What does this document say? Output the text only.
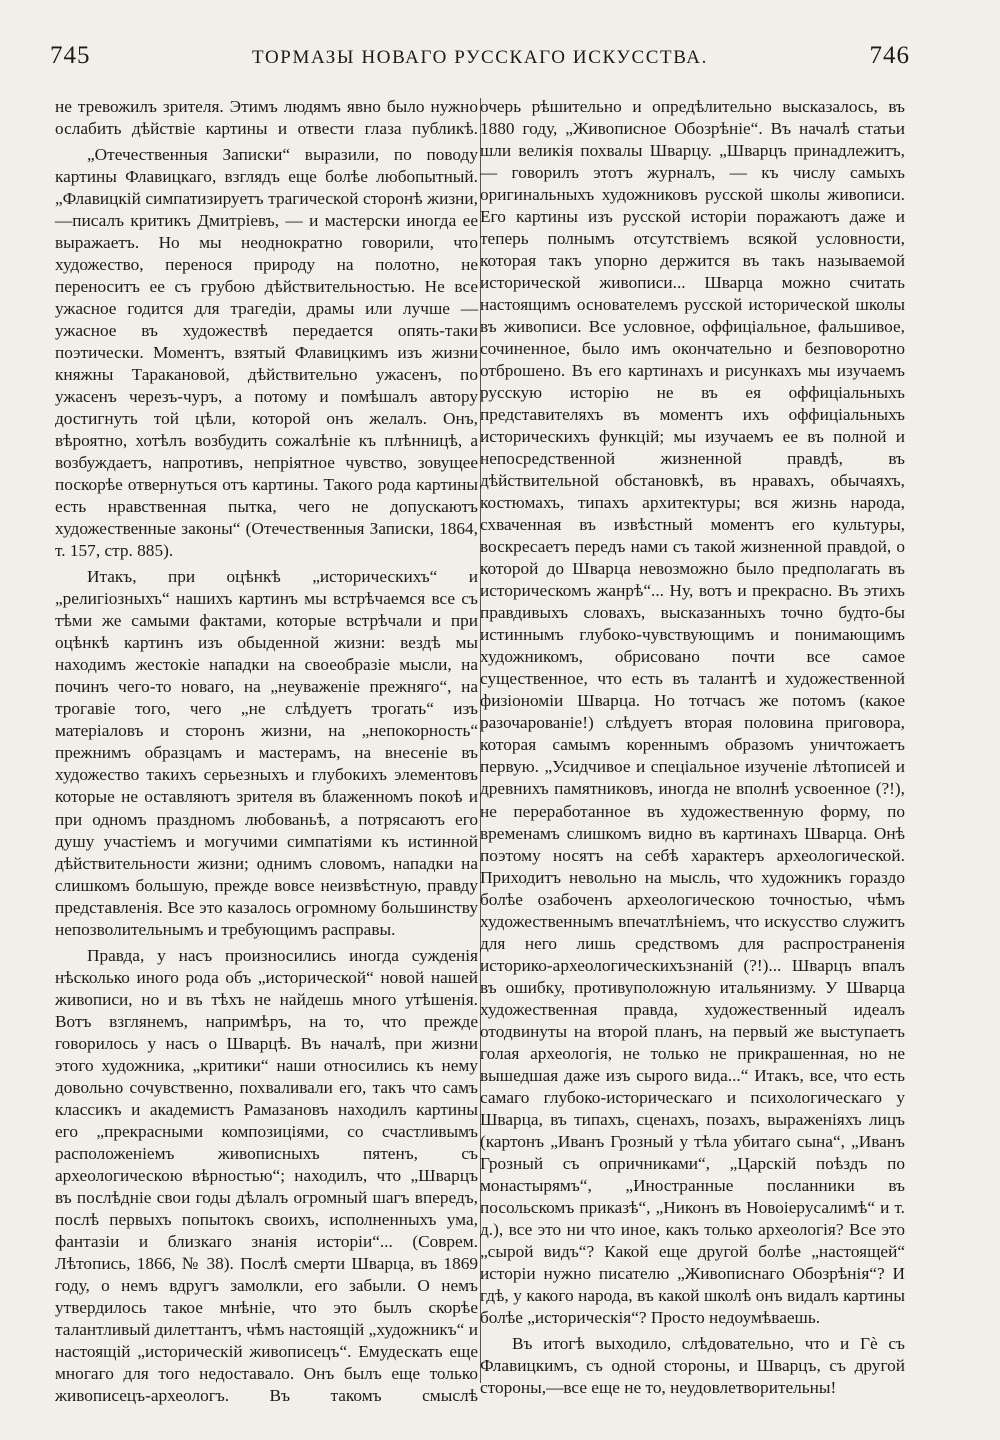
745	ТОРМАЗЫ НОВАГО РУССКАГО ИСКУССТВА.	746

не тревожилъ зрителя. Этимъ людямъ явно было нужно ослабить дѣйствіе картины и отвести глаза публикѣ.

„Отечественныя Записки“ выразили, по поводу картины Флавицкаго, взглядъ еще болѣе любопытный. „Флавицкій симпатизируетъ трагической сторонѣ жизни,—писалъ критикъ Дмитріевъ, — и мастерски иногда ее выражаетъ. Но мы неоднократно говорили, что художество, перенося природу на полотно, не переноситъ ее съ грубою дѣйствительностью. Не все ужасное годится для трагедіи, драмы или лучше — ужасное въ художествѣ передается опять-таки поэтически. Моментъ, взятый Флавицкимъ изъ жизни княжны Таракановой, дѣйствительно ужасенъ, по ужасенъ черезъ-чуръ, а потому и помѣшалъ автору достигнуть той цѣли, которой онъ желалъ. Онъ, вѣроятно, хотѣлъ возбудить сожалѣніе къ плѣнницѣ, а возбуждаетъ, напротивъ, непріятное чувство, зовущее поскорѣе отвернуться отъ картины. Такого рода картины есть нравственная пытка, чего не допускаютъ художественные законы“ (Отечественныя Записки, 1864, т. 157, стр. 885).

Итакъ, при оцѣнкѣ „историческихъ“ и „религіозныхъ“ нашихъ картинъ мы встрѣчаемся все съ тѣми же самыми фактами, которые встрѣчали и при оцѣнкѣ картинъ изъ обыденной жизни: вездѣ мы находимъ жестокіе нападки на своеобразіе мысли, на починъ чего-то новаго, на „неуваженіе прежняго“, на трогавіе того, чего „не слѣдуетъ трогать“ изъ матеріаловъ и сторонъ жизни, на „непокорность“ прежнимъ образцамъ и мастерамъ, на внесеніе въ художество такихъ серьезныхъ и глубокихъ элементовъ которые не оставляютъ зрителя въ блаженномъ покоѣ и при одномъ праздномъ любованьѣ, а потрясаютъ его душу участіемъ и могучими симпатіями къ истинной дѣйствительности жизни; однимъ словомъ, нападки на слишкомъ большую, прежде вовсе неизвѣстную, правду представленія. Все это казалось огромному большинству непозволительнымъ и требующимъ расправы.

Правда, у насъ произносились иногда сужденія нѣсколько иного рода объ „исторической“ новой нашей живописи, но и въ тѣхъ не найдешь много утѣшенія. Вотъ взглянемъ, напримѣръ, на то, что прежде говорилось у насъ о Шварцѣ. Въ началѣ, при жизни этого художника, „критики“ наши относились къ нему довольно сочувственно, похваливали его, такъ что самъ классикъ и академистъ Рамазановъ находилъ картины его „прекрасными композиціями, со счастливымъ расположеніемъ живописныхъ пятенъ, съ археологическою вѣрностью“; находилъ, что „Шварцъ въ послѣдніе свои годы дѣлалъ огромный шагъ впередъ, послѣ первыхъ попытокъ своихъ, исполненныхъ ума, фантазіи и близкаго знанія исторіи“... (Соврем. Лѣтопись, 1866, № 38). Послѣ смерти Шварца, въ 1869 году, о немъ вдругъ замолкли, его забыли. О немъ утвердилось такое мнѣніе, что это былъ скорѣе талантливый дилеттантъ, чѣмъ настоящій „художникъ“ и настоящій „историческій живописецъ“. Емудескать еще многаго для того недоставало. Онъ былъ еще только живописецъ-археологъ. Въ такомъ смыслѣ

очерь рѣшительно и опредѣлительно высказалось, въ 1880 году, „Живописное Обозрѣніе“. Въ началѣ статьи шли великія похвалы Шварцу. „Шварцъ принадлежитъ, — говорилъ этотъ журналъ, — къ числу самыхъ оригинальныхъ художниковъ русской школы живописи. Его картины изъ русской исторіи поражаютъ даже и теперь полнымъ отсутствіемъ всякой условности, которая такъ упорно держится въ такъ называемой исторической живописи... Шварца можно считать настоящимъ основателемъ русской исторической школы въ живописи. Все условное, оффиціальное, фальшивое, сочиненное, было имъ окончательно и безповоротно отброшено. Въ его картинахъ и рисункахъ мы изучаемъ русскую исторію не въ ея оффиціальныхъ представителяхъ въ моментъ ихъ оффиціальныхъ историческихъ функцій; мы изучаемъ ее въ полной и непосредственной жизненной правдѣ, въ дѣйствительной обстановкѣ, въ нравахъ, обычаяхъ, костюмахъ, типахъ архитектуры; вся жизнь народа, схваченная въ извѣстный моментъ его культуры, воскресаетъ передъ нами съ такой жизненной правдой, о которой до Шварца невозможно было предполагать въ историческомъ жанрѣ“... Ну, вотъ и прекрасно. Въ этихъ правдивыхъ словахъ, высказанныхъ точно будто-бы истиннымъ глубоко-чувствующимъ и понимающимъ художникомъ, обрисовано почти все самое существенное, что есть въ талантѣ и художественной физіономіи Шварца. Но тотчасъ же потомъ (какое разочарованіе!) слѣдуетъ вторая половина приговора, которая самымъ кореннымъ образомъ уничтожаетъ первую. „Усидчивое и спеціальное изученіе лѣтописей и древнихъ памятниковъ, иногда не вполнѣ усвоенное (?!), не переработанное въ художественную форму, по временамъ слишкомъ видно въ картинахъ Шварца. Онѣ поэтому носятъ на себѣ характеръ археологической. Приходитъ невольно на мысль, что художникъ гораздо болѣе озабоченъ археологическою точностью, чѣмъ художественнымъ впечатлѣніемъ, что искусство служитъ для него лишь средствомъ для распространенія историко-археологическихъзнаній (?!)... Шварцъ впалъ въ ошибку, противуположную итальянизму. У Шварца художественная правда, художественный идеалъ отодвинуты на второй планъ, на первый же выступаетъ голая археологія, не только не прикрашенная, но не вышедшая даже изъ сырого вида...“ Итакъ, все, что есть самаго глубоко-историческаго и психологическаго у Шварца, въ типахъ, сценахъ, позахъ, выраженіяхъ лицъ (картонъ „Иванъ Грозный у тѣла убитаго сына“, „Иванъ Грозный съ опричниками“, „Царскій поѣздъ по монастырямъ“, „Иностранные посланники въ посольскомъ приказѣ“, „Никонъ въ Новоіерусалимѣ“ и т. д.), все это ни что иное, какъ только археологія? Все это „сырой видъ“? Какой еще другой болѣе „настоящей“ исторіи нужно писателю „Живописнаго Обозрѣнія“? И гдѣ, у какого народа, въ какой школѣ онъ видалъ картины болѣе „историческія“? Просто недоумѣваешь.

Въ итогѣ выходило, слѣдовательно, что и Гè съ Флавицкимъ, съ одной стороны, и Шварцъ, съ другой стороны,—все еще не то, неудовлетворительны!
